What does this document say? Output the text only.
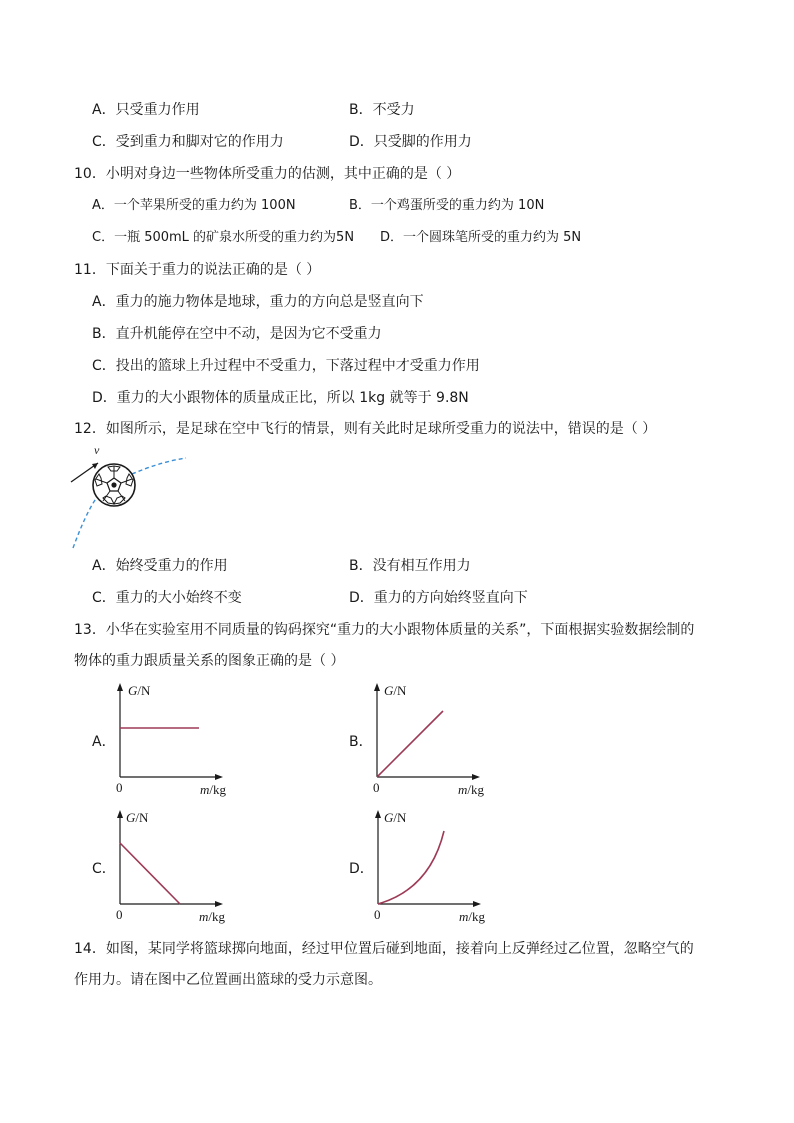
A．只受重力作用	B．不受力
C．受到重力和脚对它的作用力	D．只受脚的作用力
10．小明对身边一些物体所受重力的估测，其中正确的是（ ）
A．一个苹果所受的重力约为 100N	B．一个鸡蛋所受的重力约为 10N
C．一瓶 500mL 的矿泉水所受的重力约为5N D．一个圆珠笔所受的重力约为 5N
11．下面关于重力的说法正确的是（ ）
A．重力的施力物体是地球，重力的方向总是竖直向下
B．直升机能停在空中不动，是因为它不受重力
C．投出的篮球上升过程中不受重力，下落过程中才受重力作用
D．重力的大小跟物体的质量成正比，所以 1kg 就等于 9.8N
12．如图所示，是足球在空中飞行的情景，则有关此时足球所受重力的说法中，错误的是（ ）
v
A．始终受重力的作用	B．没有相互作用力
C．重力的大小始终不变	D．重力的方向始终竖直向下
13．小华在实验室用不同质量的钩码探究“重力的大小跟物体质量的关系”，下面根据实验数据绘制的
物体的重力跟质量关系的图象正确的是（ ）
A．
G/N
m/kg
0
B．
G/N
m/kg
0
C．
G/N
m/kg
0
D．
G/N
m/kg
0
14．如图，某同学将篮球掷向地面，经过甲位置后碰到地面，接着向上反弹经过乙位置，忽略空气的
作用力。请在图中乙位置画出篮球的受力示意图。
